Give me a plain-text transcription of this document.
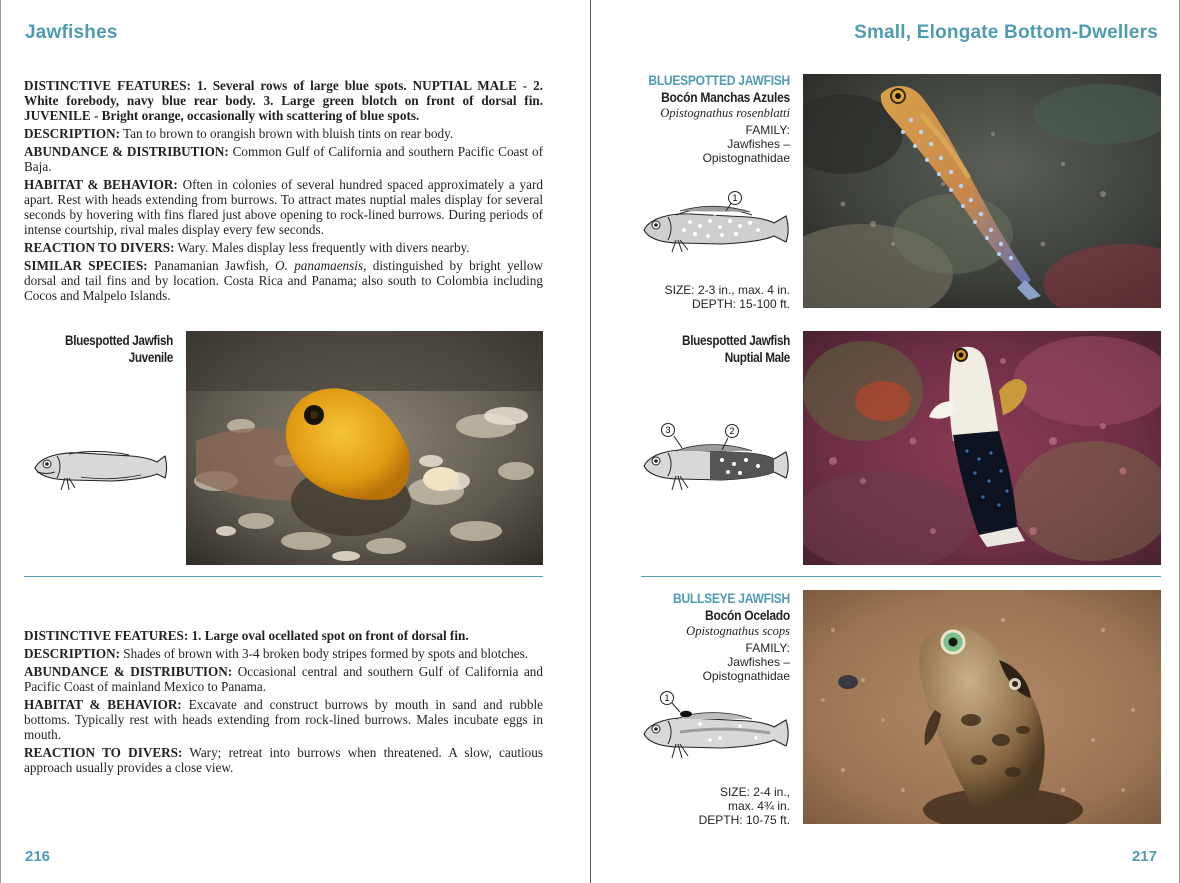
Jawfishes

DISTINCTIVE FEATURES: 1. Several rows of large blue spots. NUPTIAL MALE - 2. White forebody, navy blue rear body. 3. Large green blotch on front of dorsal fin. JUVENILE - Bright orange, occasionally with scattering of blue spots.

DESCRIPTION: Tan to brown to orangish brown with bluish tints on rear body.

ABUNDANCE & DISTRIBUTION: Common Gulf of California and southern Pacific Coast of Baja.

HABITAT & BEHAVIOR: Often in colonies of several hundred spaced approximately a yard apart. Rest with heads extending from burrows. To attract mates nuptial males display for several seconds by hovering with fins flared just above opening to rock-lined burrows. During periods of intense courtship, rival males display every few seconds.

REACTION TO DIVERS: Wary. Males display less frequently with divers nearby.

SIMILAR SPECIES: Panamanian Jawfish, O. panamaensis, distinguished by bright yellow dorsal and tail fins and by location. Costa Rica and Panama; also south to Colombia including Cocos and Malpelo Islands.

Bluespotted Jawfish
Juvenile

DISTINCTIVE FEATURES: 1. Large oval ocellated spot on front of dorsal fin.

DESCRIPTION: Shades of brown with 3-4 broken body stripes formed by spots and blotches.

ABUNDANCE & DISTRIBUTION: Occasional central and southern Gulf of California and Pacific Coast of mainland Mexico to Panama.

HABITAT & BEHAVIOR: Excavate and construct burrows by mouth in sand and rubble bottoms. Typically rest with heads extending from rock-lined burrows. Males incubate eggs in mouth.

REACTION TO DIVERS: Wary; retreat into burrows when threatened. A slow, cautious approach usually provides a close view.

216
Small, Elongate Bottom-Dwellers
BLUESPOTTED JAWFISH
Bocón Manchas Azules
Opistognathus rosenblatti
FAMILY:
Jawfishes –
Opistognathidae
1
SIZE: 2-3 in., max. 4 in.
DEPTH: 15-100 ft.
Bluespotted Jawfish
Nuptial Male
3	2
BULLSEYE JAWFISH
Bocón Ocelado
Opistognathus scops
FAMILY:
Jawfishes –
Opistognathidae
1
SIZE: 2-4 in.,
max. 4¾ in.
DEPTH: 10-75 ft.
217
